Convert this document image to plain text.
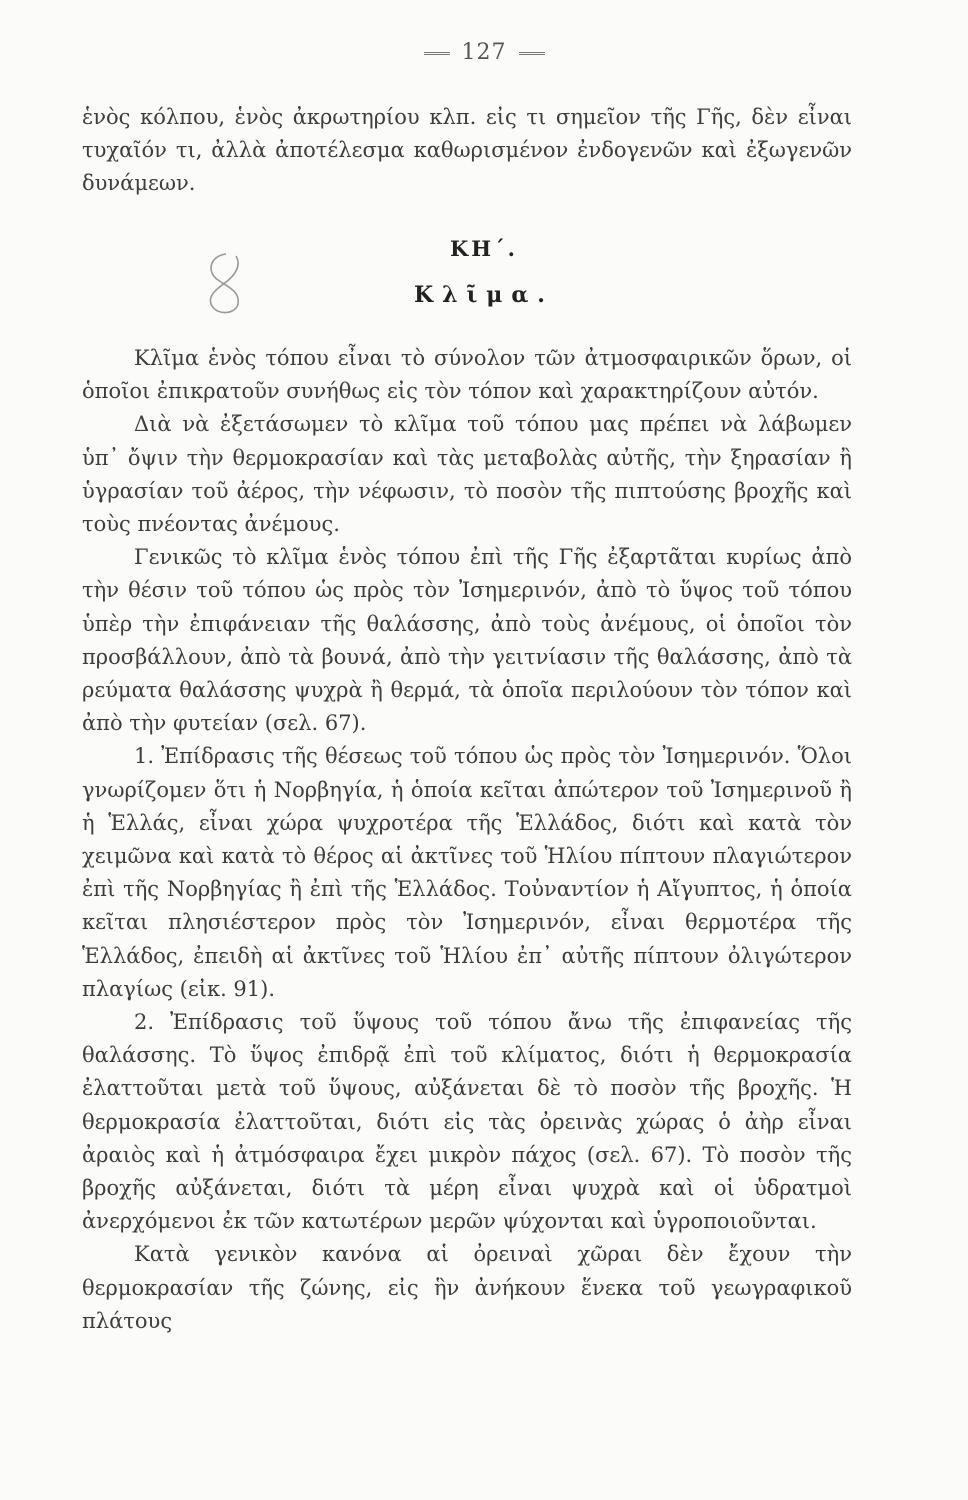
127

ἑνὸς κόλπου, ἑνὸς ἀκρωτηρίου κλπ. εἰς τι σημεῖον τῆς Γῆς, δὲν εἶναι τυχαῖόν τι, ἀλλὰ ἀποτέλεσμα καθωρισμένον ἐνδογενῶν καὶ ἐξωγενῶν δυνάμεων.

ΚΗ΄.
Κλῖμα.

Κλῖμα ἑνὸς τόπου εἶναι τὸ σύνολον τῶν ἀτμοσφαιρικῶν ὅρων, οἱ ὁποῖοι ἐπικρατοῦν συνήθως εἰς τὸν τόπον καὶ χαρακτηρίζουν αὐτόν.

Διὰ νὰ ἐξετάσωμεν τὸ κλῖμα τοῦ τόπου μας πρέπει νὰ λάβωμεν ὑπ᾿ ὄψιν τὴν θερμοκρασίαν καὶ τὰς μεταβολὰς αὐτῆς, τὴν ξηρασίαν ἢ ὑγρασίαν τοῦ ἀέρος, τὴν νέφωσιν, τὸ ποσὸν τῆς πιπτούσης βροχῆς καὶ τοὺς πνέοντας ἀνέμους.

Γενικῶς τὸ κλῖμα ἑνὸς τόπου ἐπὶ τῆς Γῆς ἐξαρτᾶται κυρίως ἀπὸ τὴν θέσιν τοῦ τόπου ὡς πρὸς τὸν Ἰσημερινόν, ἀπὸ τὸ ὕψος τοῦ τόπου ὑπὲρ τὴν ἐπιφάνειαν τῆς θαλάσσης, ἀπὸ τοὺς ἀνέμους, οἱ ὁποῖοι τὸν προσβάλλουν, ἀπὸ τὰ βουνά, ἀπὸ τὴν γειτνίασιν τῆς θαλάσσης, ἀπὸ τὰ ρεύματα θαλάσσης ψυχρὰ ἢ θερμά, τὰ ὁποῖα περιλούουν τὸν τόπον καὶ ἀπὸ τὴν φυτείαν (σελ. 67).

1. Ἐπίδρασις τῆς θέσεως τοῦ τόπου ὡς πρὸς τὸν Ἰσημερινόν. Ὅλοι γνωρίζομεν ὅτι ἡ Νορβηγία, ἡ ὁποία κεῖται ἀπώτερον τοῦ Ἰσημερινοῦ ἢ ἡ Ἑλλάς, εἶναι χώρα ψυχροτέρα τῆς Ἑλλάδος, διότι καὶ κατὰ τὸν χειμῶνα καὶ κατὰ τὸ θέρος αἱ ἀκτῖνες τοῦ Ἡλίου πίπτουν πλαγιώτερον ἐπὶ τῆς Νορβηγίας ἢ ἐπὶ τῆς Ἑλλάδος. Τοὐναντίον ἡ Αἴγυπτος, ἡ ὁποία κεῖται πλησιέστερον πρὸς τὸν Ἰσημερινόν, εἶναι θερμοτέρα τῆς Ἑλλάδος, ἐπειδὴ αἱ ἀκτῖνες τοῦ Ἡλίου ἐπ᾿ αὐτῆς πίπτουν ὀλιγώτερον πλαγίως (εἰκ. 91).

2. Ἐπίδρασις τοῦ ὕψους τοῦ τόπου ἄνω τῆς ἐπιφανείας τῆς θαλάσσης. Τὸ ὕψος ἐπιδρᾷ ἐπὶ τοῦ κλίματος, διότι ἡ θερμοκρασία ἐλαττοῦται μετὰ τοῦ ὕψους, αὐξάνεται δὲ τὸ ποσὸν τῆς βροχῆς. Ἡ θερμοκρασία ἐλαττοῦται, διότι εἰς τὰς ὀρεινὰς χώρας ὁ ἀὴρ εἶναι ἀραιὸς καὶ ἡ ἀτμόσφαιρα ἔχει μικρὸν πάχος (σελ. 67). Τὸ ποσὸν τῆς βροχῆς αὐξάνεται, διότι τὰ μέρη εἶναι ψυχρὰ καὶ οἱ ὑδρατμοὶ ἀνερχόμενοι ἐκ τῶν κατωτέρων μερῶν ψύχονται καὶ ὑγροποιοῦνται.

Κατὰ γενικὸν κανόνα αἱ ὀρειναὶ χῶραι δὲν ἔχουν τὴν θερμοκρασίαν τῆς ζώνης, εἰς ἣν ἀνήκουν ἕνεκα τοῦ γεωγραφικοῦ πλάτους
